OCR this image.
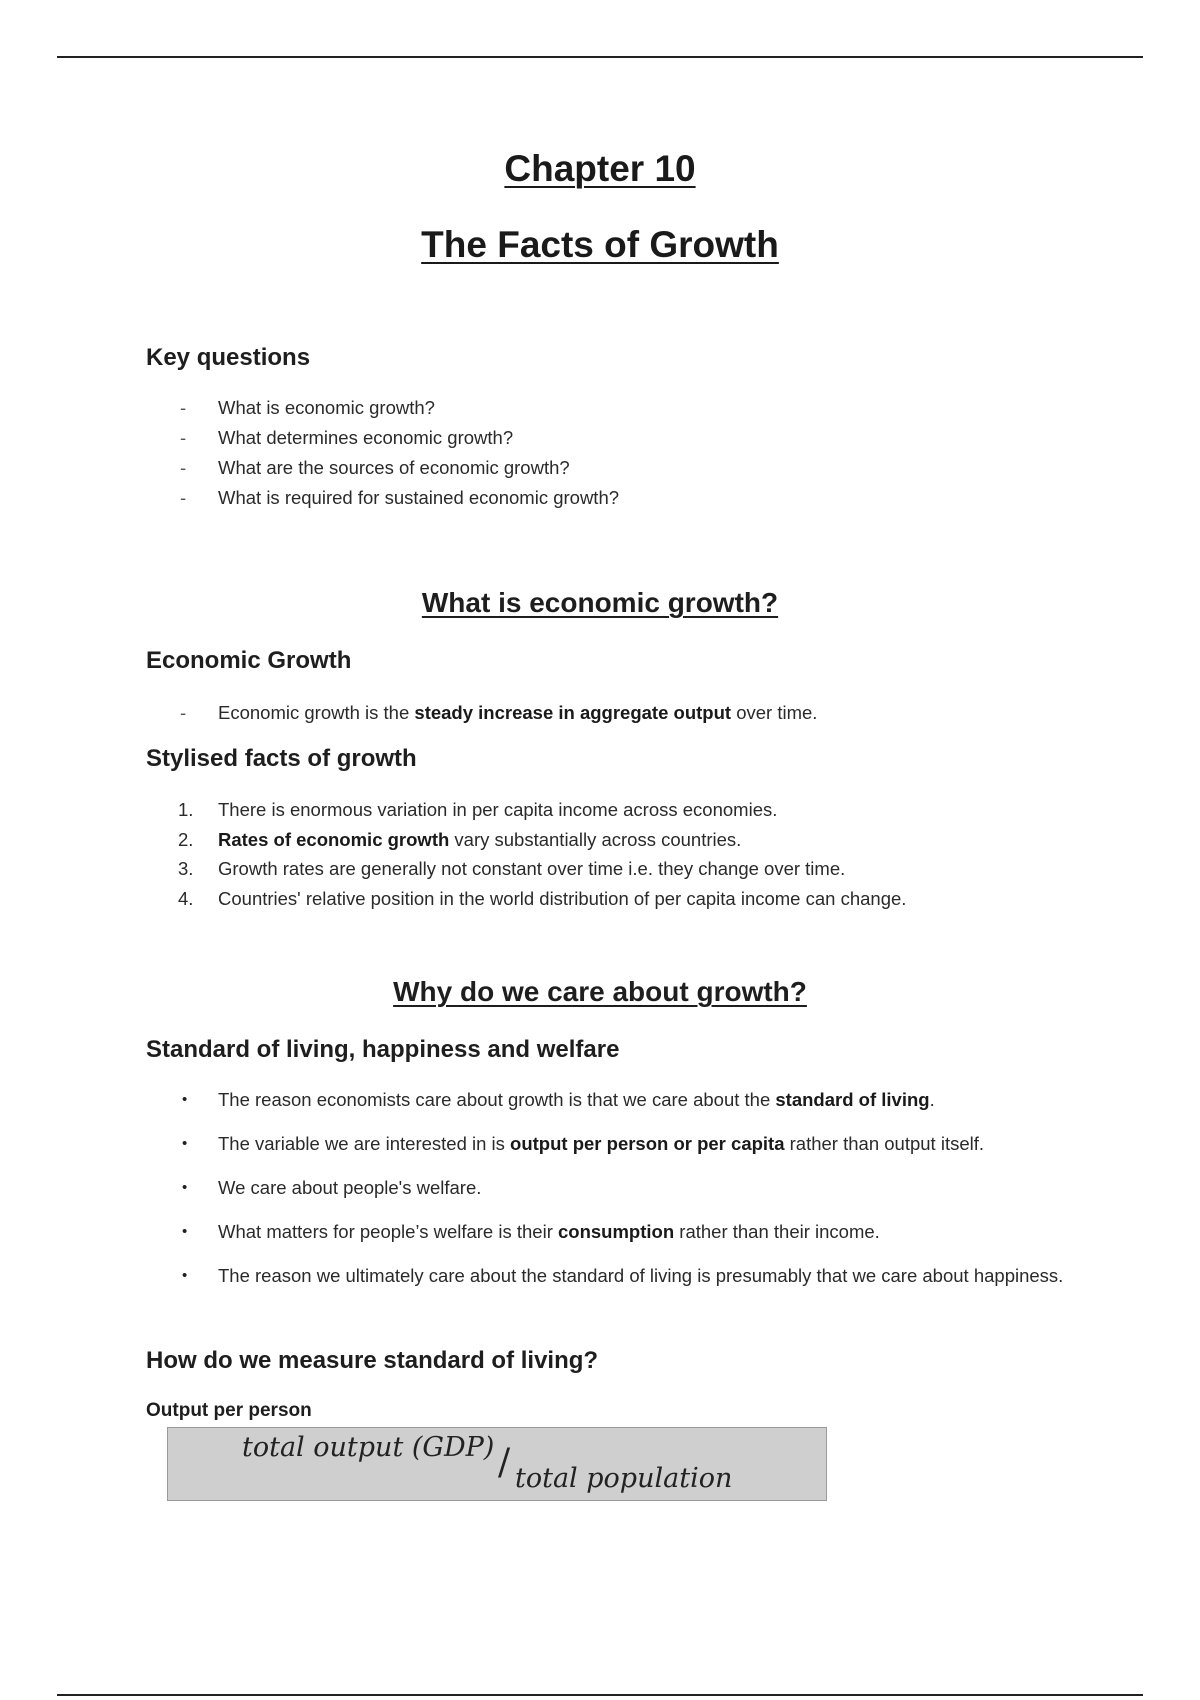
Chapter 10
The Facts of Growth
Key questions
-	What is economic growth?
-	What determines economic growth?
-	What are the sources of economic growth?
-	What is required for sustained economic growth?
What is economic growth?
Economic Growth
-	Economic growth is the steady increase in aggregate output over time.
Stylised facts of growth
1.	There is enormous variation in per capita income across economies.
2.	Rates of economic growth vary substantially across countries.
3.	Growth rates are generally not constant over time i.e. they change over time.
4.	Countries' relative position in the world distribution of per capita income can change.
Why do we care about growth?
Standard of living, happiness and welfare
•	The reason economists care about growth is that we care about the standard of living.
•	The variable we are interested in is output per person or per capita rather than output itself.
•	We care about people's welfare.
•	What matters for people’s welfare is their consumption rather than their income.
•	The reason we ultimately care about the standard of living is presumably that we care about happiness.
How do we measure standard of living?
Output per person
total output (GDP) / total population
